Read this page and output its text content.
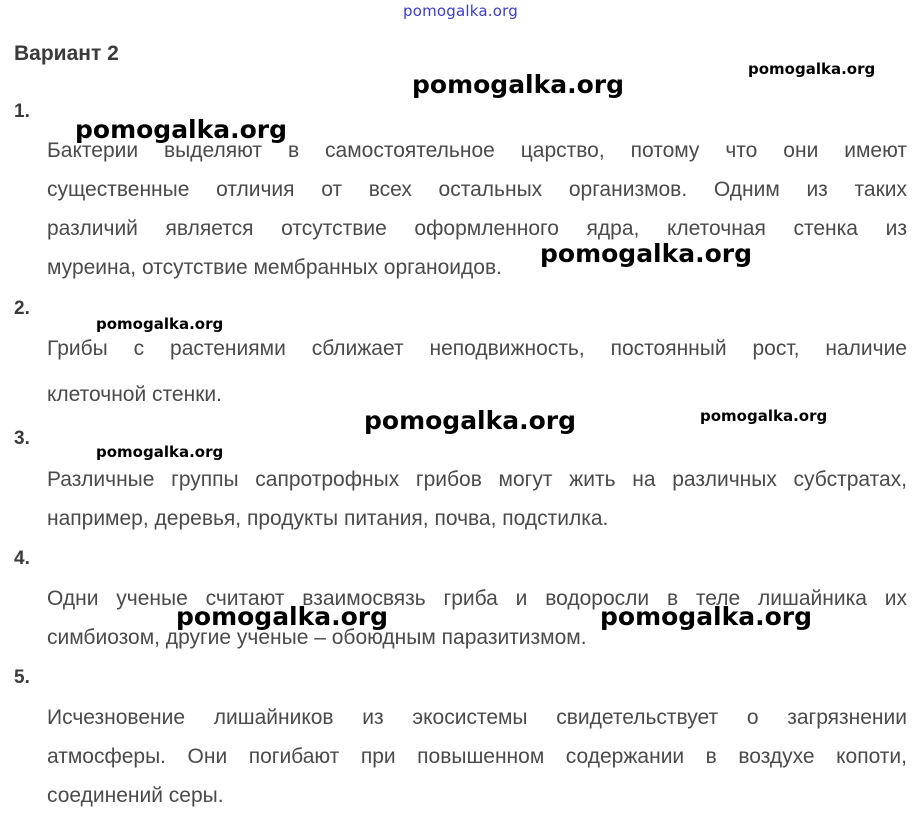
pomogalka.org
Вариант 2
1.
Бактерии выделяют в самостоятельное царство, потому что они имеют
существенные отличия от всех остальных организмов. Одним из таких
различий является отсутствие оформленного ядра, клеточная стенка из
муреина, отсутствие мембранных органоидов.
2.
Грибы с растениями сближает неподвижность, постоянный рост, наличие
клеточной стенки.
3.
Различные группы сапротрофных грибов могут жить на различных субстратах,
например, деревья, продукты питания, почва, подстилка.
4.
Одни ученые считают взаимосвязь гриба и водоросли в теле лишайника их
симбиозом, другие ученые – обоюдным паразитизмом.
5.
Исчезновение лишайников из экосистемы свидетельствует о загрязнении
атмосферы. Они погибают при повышенном содержании в воздухе копоти,
соединений серы.
pomogalka.org
pomogalka.org
pomogalka.org
pomogalka.org
pomogalka.org
pomogalka.org	pomogalka.org
pomogalka.org
pomogalka.org	pomogalka.org
